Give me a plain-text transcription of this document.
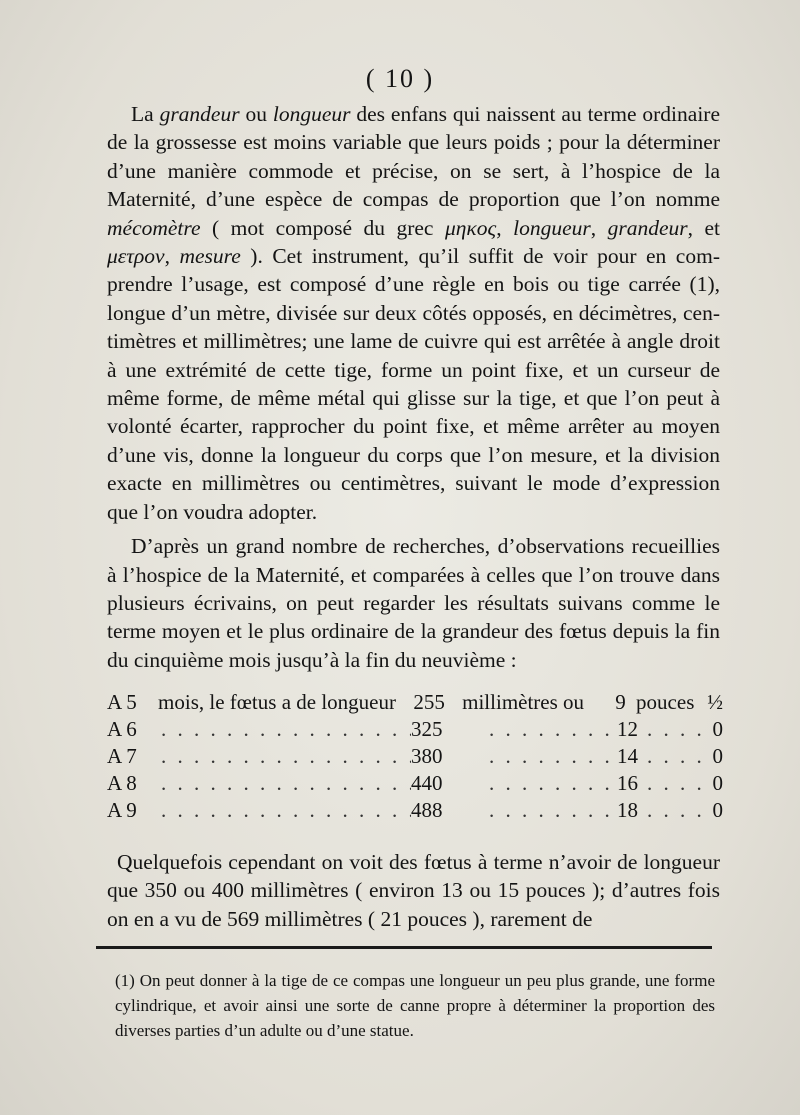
( 10 )

La grandeur ou longueur des enfans qui naissent au terme ordinaire de la grossesse est moins variable que leurs poids ; pour la déterminer d’une manière commode et précise, on se sert, à l’hospice de la Maternité, d’une espèce de compas de proportion que l’on nomme mécomètre ( mot composé du grec μηκος, longueur, grandeur, et μετρον, mesure ). Cet instrument, qu’il suffit de voir pour en comprendre l’usage, est composé d’une règle en bois ou tige carrée (1), longue d’un mètre, divisée sur deux côtés opposés, en décimètres, centimètres et millimètres; une lame de cuivre qui est arrêtée à angle droit à une extrémité de cette tige, forme un point fixe, et un curseur de même forme, de même métal qui glisse sur la tige, et que l’on peut à volonté écarter, rapprocher du point fixe, et même arrêter au moyen d’une vis, donne la longueur du corps que l’on mesure, et la division exacte en millimètres ou centimètres, suivant le mode d’expression que l’on voudra adopter.

D’après un grand nombre de recherches, d’observations recueillies à l’hospice de la Maternité, et comparées à celles que l’on trouve dans plusieurs écrivains, on peut regarder les résultats suivans comme le terme moyen et le plus ordinaire de la grandeur des fœtus depuis la fin du cinquième mois jusqu’à la fin du neuvième :

A 5	mois, le fœtus a de longueur 255 millimètres ou	9 pouces ½
A 6 . . .	325 . . .	12 . . .	0
A 7 . . .	380 . . .	14 . . .	0
A 8 . . .	440 . . .	16 . . .	0
A 9 . . .	488 . . .	18 . . .	0

Quelquefois cependant on voit des fœtus à terme n’avoir de longueur que 350 ou 400 millimètres ( environ 13 ou 15 pouces ); d’autres fois on en a vu de 569 millimètres ( 21 pouces ), rarement de

(1) On peut donner à la tige de ce compas une longueur un peu plus grande, une forme cylindrique, et avoir ainsi une sorte de canne propre à déterminer la proportion des diverses parties d’un adulte ou d’une statue.
